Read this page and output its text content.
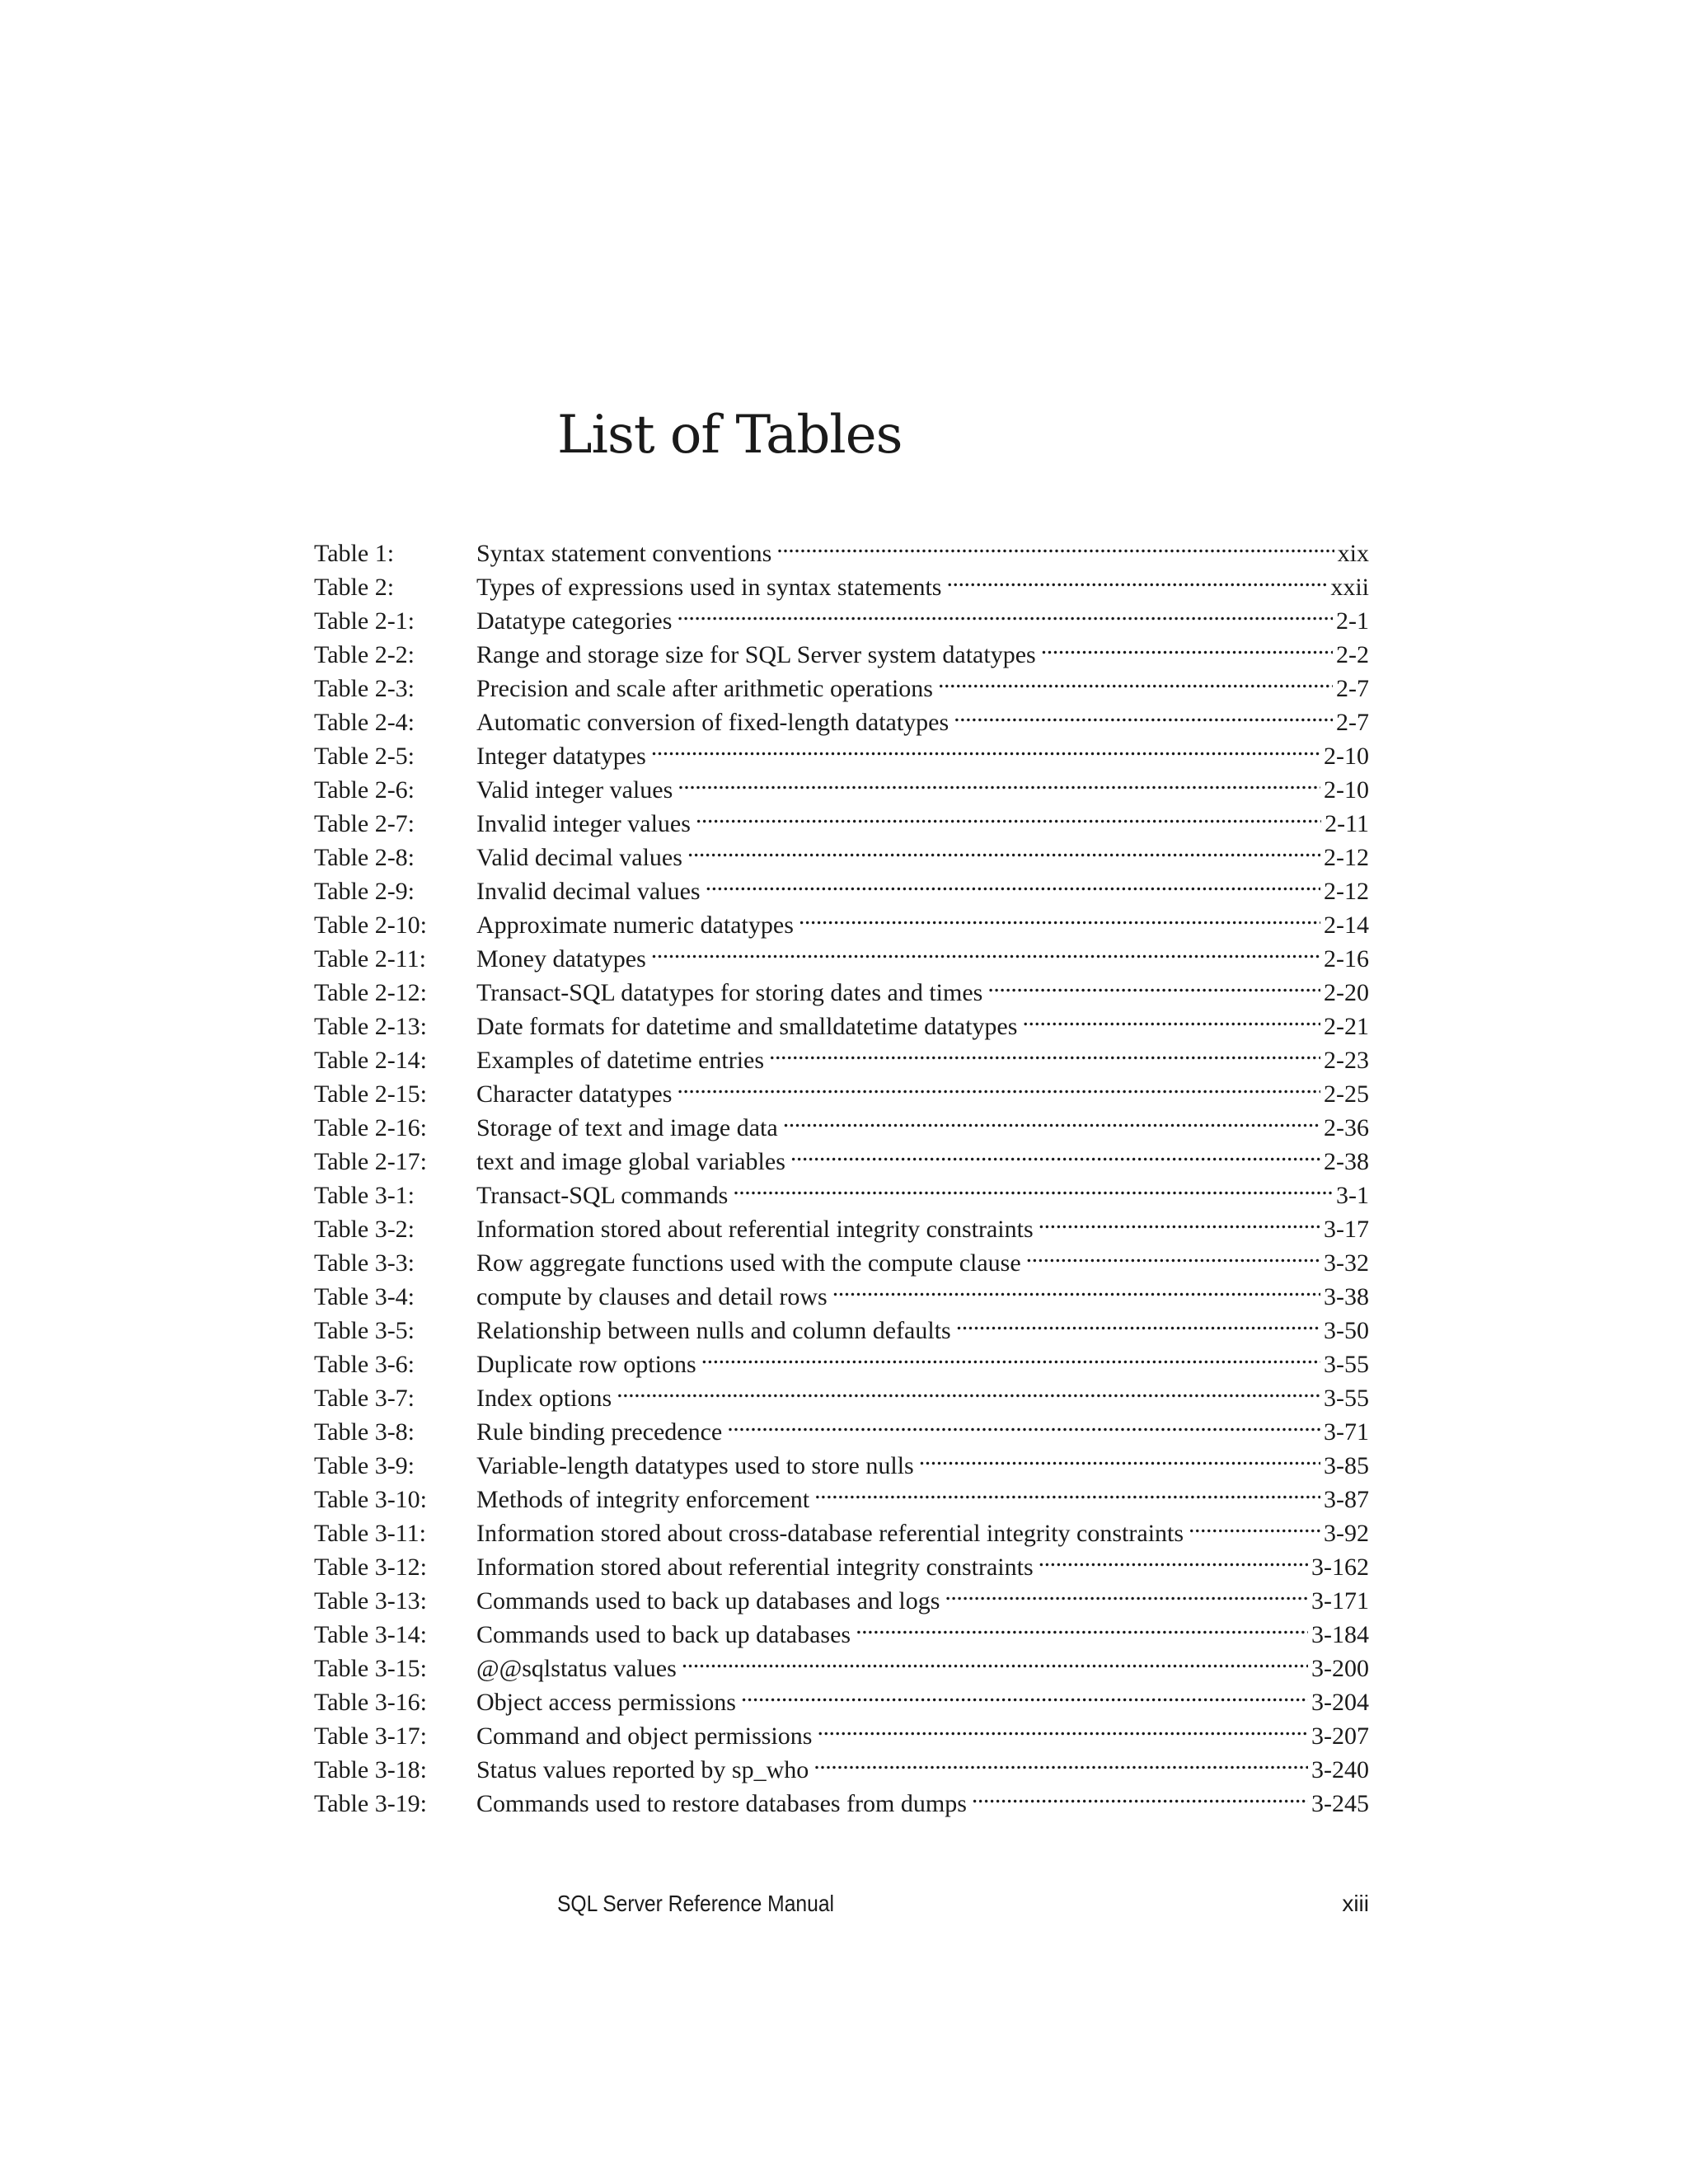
List of Tables
Table 1:	Syntax statement conventions . . .	xix
Table 2:	Types of expressions used in syntax statements . . .	xxii
Table 2-1:	Datatype categories . . .	2-1
Table 2-2:	Range and storage size for SQL Server system datatypes . . .	2-2
Table 2-3:	Precision and scale after arithmetic operations . . .	2-7
Table 2-4:	Automatic conversion of fixed-length datatypes . . .	2-7
Table 2-5:	Integer datatypes . . .	2-10
Table 2-6:	Valid integer values . . .	2-10
Table 2-7:	Invalid integer values . . .	2-11
Table 2-8:	Valid decimal values . . .	2-12
Table 2-9:	Invalid decimal values . . .	2-12
Table 2-10:	Approximate numeric datatypes . . .	2-14
Table 2-11:	Money datatypes . . .	2-16
Table 2-12:	Transact-SQL datatypes for storing dates and times . . .	2-20
Table 2-13:	Date formats for datetime and smalldatetime datatypes . . .	2-21
Table 2-14:	Examples of datetime entries . . .	2-23
Table 2-15:	Character datatypes . . .	2-25
Table 2-16:	Storage of text and image data . . .	2-36
Table 2-17:	text and image global variables . . .	2-38
Table 3-1:	Transact-SQL commands . . .	3-1
Table 3-2:	Information stored about referential integrity constraints . . .	3-17
Table 3-3:	Row aggregate functions used with the compute clause . . .	3-32
Table 3-4:	compute by clauses and detail rows . . .	3-38
Table 3-5:	Relationship between nulls and column defaults . . .	3-50
Table 3-6:	Duplicate row options . . .	3-55
Table 3-7:	Index options . . .	3-55
Table 3-8:	Rule binding precedence . . .	3-71
Table 3-9:	Variable-length datatypes used to store nulls . . .	3-85
Table 3-10:	Methods of integrity enforcement . . .	3-87
Table 3-11:	Information stored about cross-database referential integrity constraints . . .	3-92
Table 3-12:	Information stored about referential integrity constraints . . .	3-162
Table 3-13:	Commands used to back up databases and logs . . .	3-171
Table 3-14:	Commands used to back up databases . . .	3-184
Table 3-15:	@@sqlstatus values . . .	3-200
Table 3-16:	Object access permissions . . .	3-204
Table 3-17:	Command and object permissions . . .	3-207
Table 3-18:	Status values reported by sp_who . . .	3-240
Table 3-19:	Commands used to restore databases from dumps . . .	3-245
SQL Server Reference Manual	xiii
